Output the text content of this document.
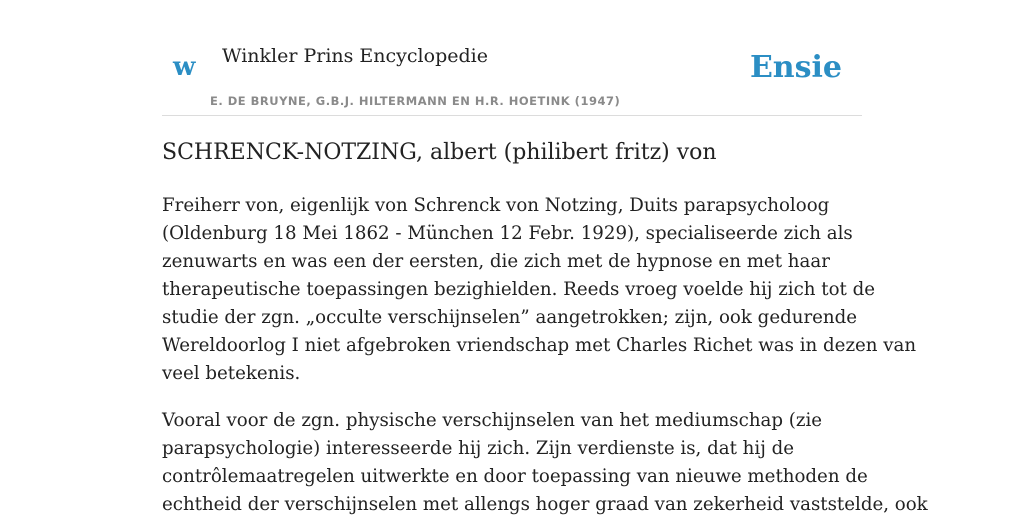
w Winkler Prins Encyclopedie
E. DE BRUYNE, G.B.J. HILTERMANN EN H.R. HOETINK (1947)
Ensie
SCHRENCK-NOTZING, albert (philibert fritz) von

Freiherr von, eigenlijk von Schrenck von Notzing, Duits parapsycholoog
(Oldenburg 18 Mei 1862 - München 12 Febr. 1929), specialiseerde zich als
zenuwarts en was een der eersten, die zich met de hypnose en met haar
therapeutische toepassingen bezighielden. Reeds vroeg voelde hij zich tot de
studie der zgn. „occulte verschijnselen” aangetrokken; zijn, ook gedurende
Wereldoorlog I niet afgebroken vriendschap met Charles Richet was in dezen van
veel betekenis.

Vooral voor de zgn. physische verschijnselen van het mediumschap (zie
parapsychologie) interesseerde hij zich. Zijn verdienste is, dat hij de
contrôlemaatregelen uitwerkte en door toepassing van nieuwe methoden de
echtheid der verschijnselen met allengs hoger graad van zekerheid vaststelde, ook
